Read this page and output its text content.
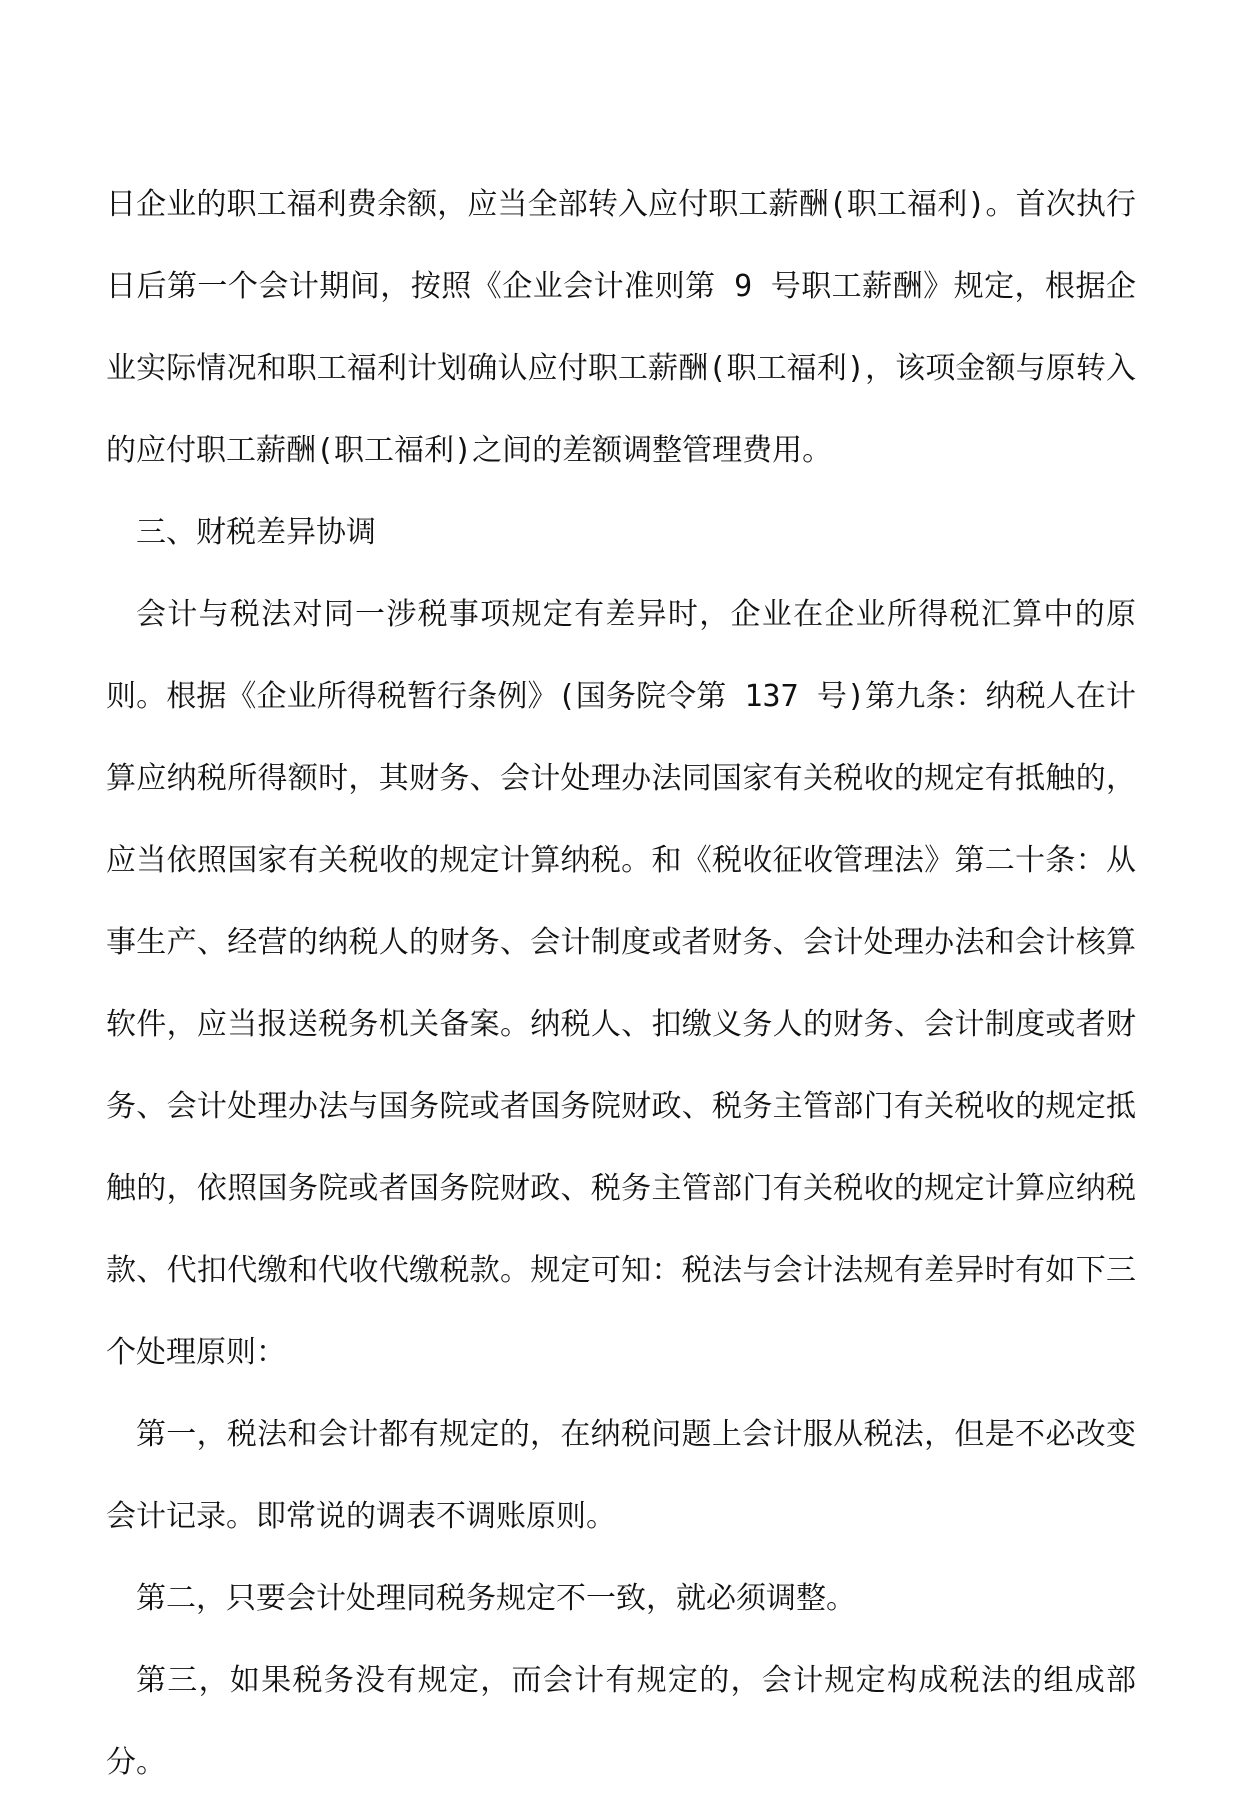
日企业的职工福利费余额，应当全部转入应付职工薪酬(职工福利)。首次执行日后第一个会计期间，按照《企业会计准则第 9 号职工薪酬》规定，根据企业实际情况和职工福利计划确认应付职工薪酬(职工福利)，该项金额与原转入的应付职工薪酬(职工福利)之间的差额调整管理费用。

三、财税差异协调

会计与税法对同一涉税事项规定有差异时，企业在企业所得税汇算中的原则。根据《企业所得税暂行条例》(国务院令第 137 号)第九条：纳税人在计算应纳税所得额时，其财务、会计处理办法同国家有关税收的规定有抵触的，应当依照国家有关税收的规定计算纳税。和《税收征收管理法》第二十条：从事生产、经营的纳税人的财务、会计制度或者财务、会计处理办法和会计核算软件，应当报送税务机关备案。纳税人、扣缴义务人的财务、会计制度或者财务、会计处理办法与国务院或者国务院财政、税务主管部门有关税收的规定抵触的，依照国务院或者国务院财政、税务主管部门有关税收的规定计算应纳税款、代扣代缴和代收代缴税款。规定可知：税法与会计法规有差异时有如下三个处理原则：

第一，税法和会计都有规定的，在纳税问题上会计服从税法，但是不必改变会计记录。即常说的调表不调账原则。

第二，只要会计处理同税务规定不一致，就必须调整。

第三，如果税务没有规定，而会计有规定的，会计规定构成税法的组成部分。
